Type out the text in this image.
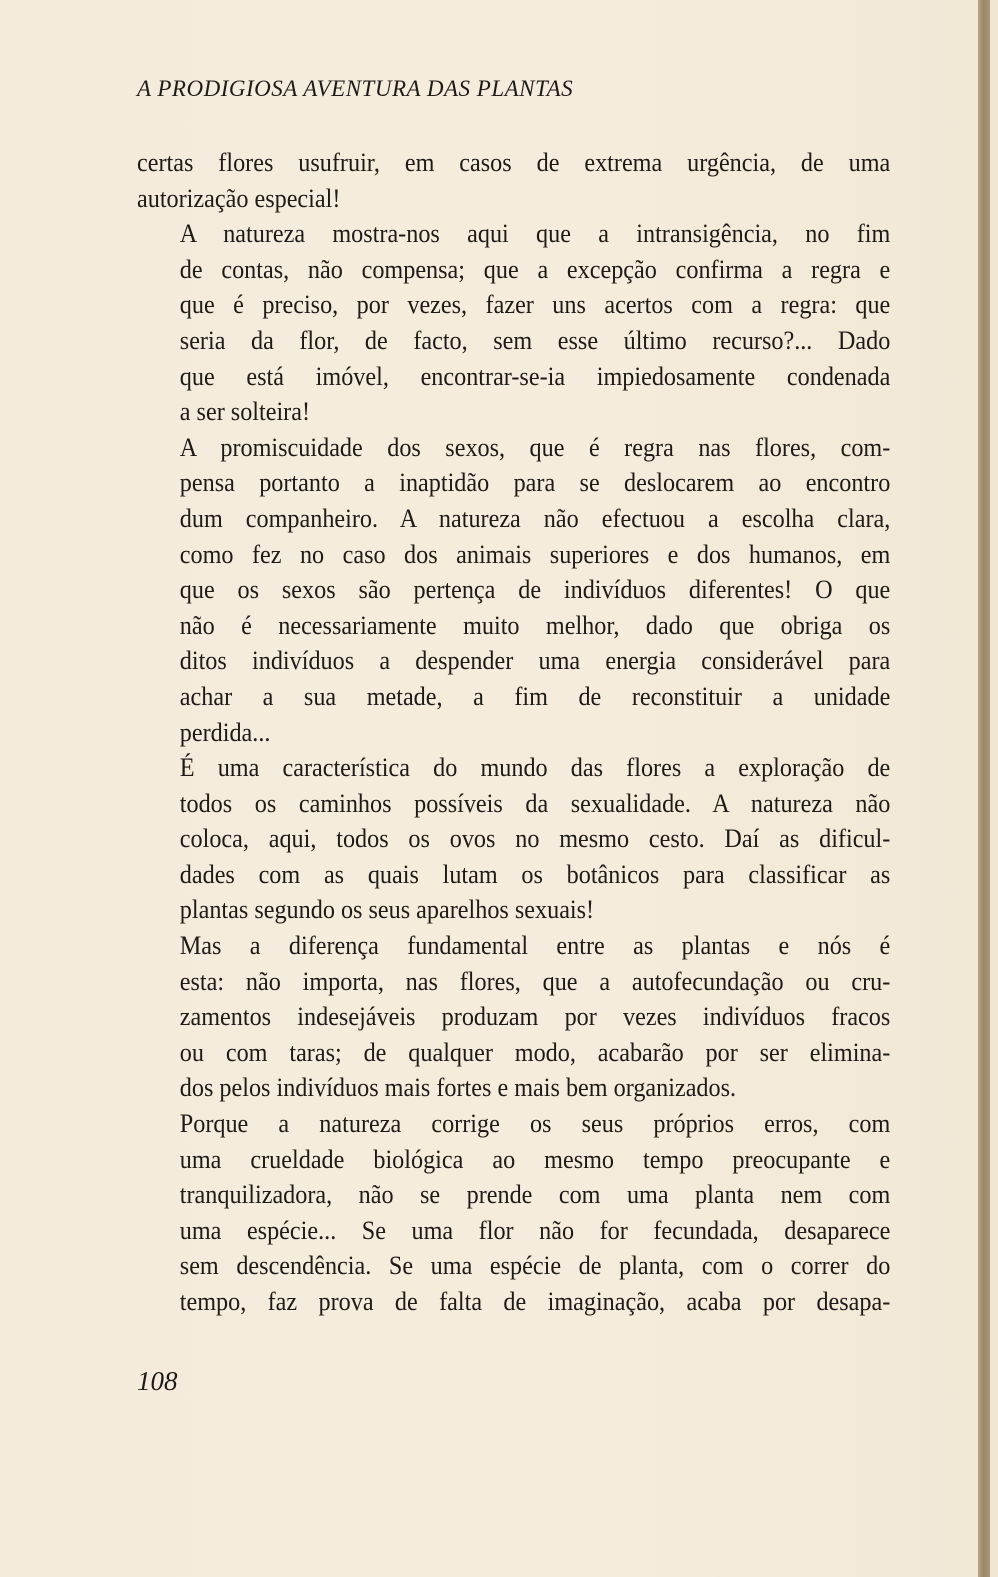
A PRODIGIOSA AVENTURA DAS PLANTAS

certas flores usufruir, em casos de extrema urgência, de uma
autorização especial!

A natureza mostra-nos aqui que a intransigência, no fim
de contas, não compensa; que a excepção confirma a regra e
que é preciso, por vezes, fazer uns acertos com a regra: que
seria da flor, de facto, sem esse último recurso?... Dado
que está imóvel, encontrar-se-ia impiedosamente condenada
a ser solteira!

A promiscuidade dos sexos, que é regra nas flores, com-
pensa portanto a inaptidão para se deslocarem ao encontro
dum companheiro. A natureza não efectuou a escolha clara,
como fez no caso dos animais superiores e dos humanos, em
que os sexos são pertença de indivíduos diferentes! O que
não é necessariamente muito melhor, dado que obriga os
ditos indivíduos a despender uma energia considerável para
achar a sua metade, a fim de reconstituir a unidade
perdida...

É uma característica do mundo das flores a exploração de
todos os caminhos possíveis da sexualidade. A natureza não
coloca, aqui, todos os ovos no mesmo cesto. Daí as dificul-
dades com as quais lutam os botânicos para classificar as
plantas segundo os seus aparelhos sexuais!

Mas a diferença fundamental entre as plantas e nós é
esta: não importa, nas flores, que a autofecundação ou cru-
zamentos indesejáveis produzam por vezes indivíduos fracos
ou com taras; de qualquer modo, acabarão por ser elimina-
dos pelos indivíduos mais fortes e mais bem organizados.

Porque a natureza corrige os seus próprios erros, com
uma crueldade biológica ao mesmo tempo preocupante e
tranquilizadora, não se prende com uma planta nem com
uma espécie... Se uma flor não for fecundada, desaparece
sem descendência. Se uma espécie de planta, com o correr do
tempo, faz prova de falta de imaginação, acaba por desapa-

108
